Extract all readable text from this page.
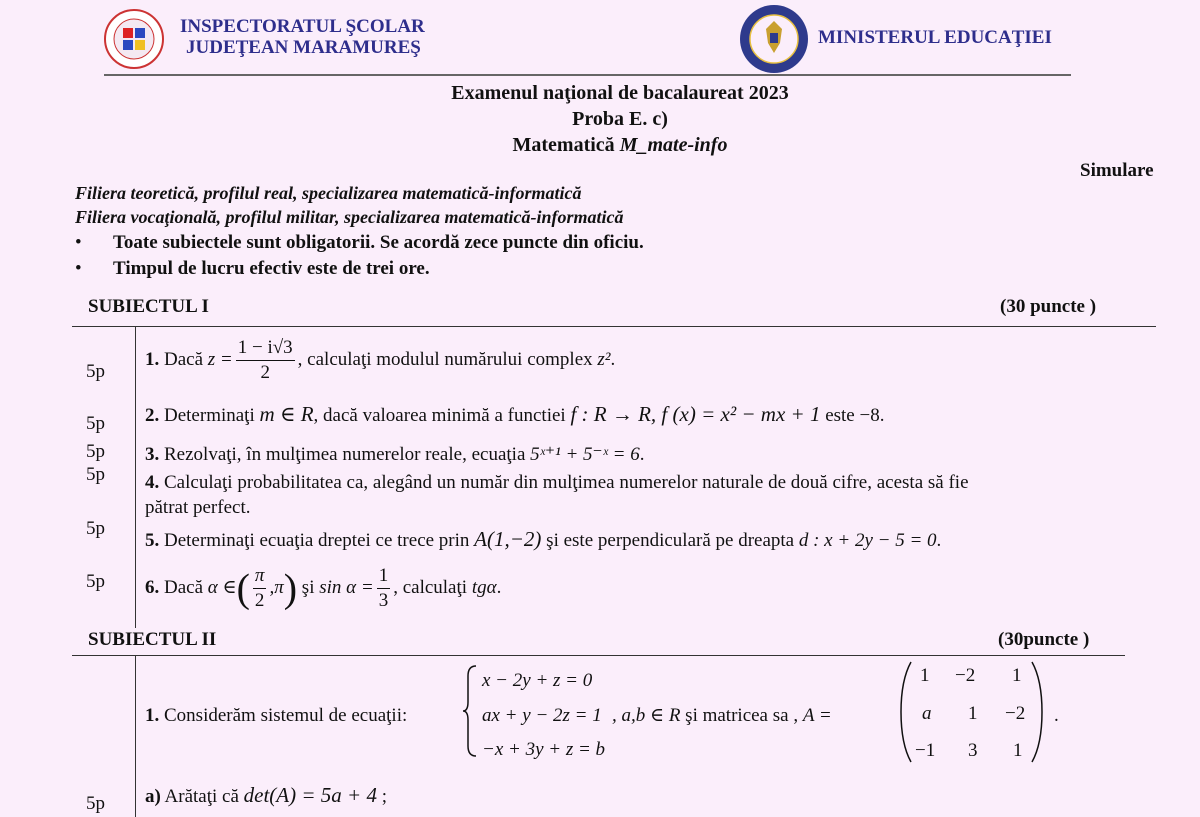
INSPECTORATUL ŞCOLAR
JUDEŢEAN MARAMUREŞ	MINISTERUL EDUCAŢIEI
Examenul naţional de bacalaureat 2023
Proba E. c)
Matematică M_mate-info
Simulare
Filiera teoretică, profilul real, specializarea matematică-informatică
Filiera vocaţională, profilul militar, specializarea matematică-informatică
• Toate subiectele sunt obligatorii. Se acordă zece puncte din oficiu.
• Timpul de lucru efectiv este de trei ore.
SUBIECTUL I	(30 puncte )
5p
1. Dacă $z = \frac{1 - i√3}{2}$ , calculaţi modulul numărului complex z².
5p 2. Determinaţi m ∈ R, dacă valoarea minimă a functiei f : R → R, f (x) = x² − mx + 1 este −8.
5p 3. Rezolvaţi, în mulţimea numerelor reale, ecuaţia 5ˣ⁺¹ + 5⁻ˣ = 6.
5p 4. Calculaţi probabilitatea ca, alegând un număr din mulţimea numerelor naturale de două cifre, acesta să fie
pătrat perfect.
5p
5. Determinaţi ecuaţia dreptei ce trece prin A(1,−2) şi este perpendiculară pe dreapta d : x + 2y − 5 = 0.
5p 6. Dacă α ∈( $\frac{\pi}{2} ,\pi$) şi $\sin \alpha = \frac{1}{3}$ , calculaţi tgα.
SUBIECTUL II	(30puncte )
1. Considerăm sistemul de ecuaţii:
x − 2y + z = 0
ax + y − 2z = 1
−x + 3y + z = b
, a,b ∈ R şi matricea sa , A =
1 −2 1
a 1 −2
−1 3 1
.
5p a) Arătaţi că det(A) = 5a + 4 ;
